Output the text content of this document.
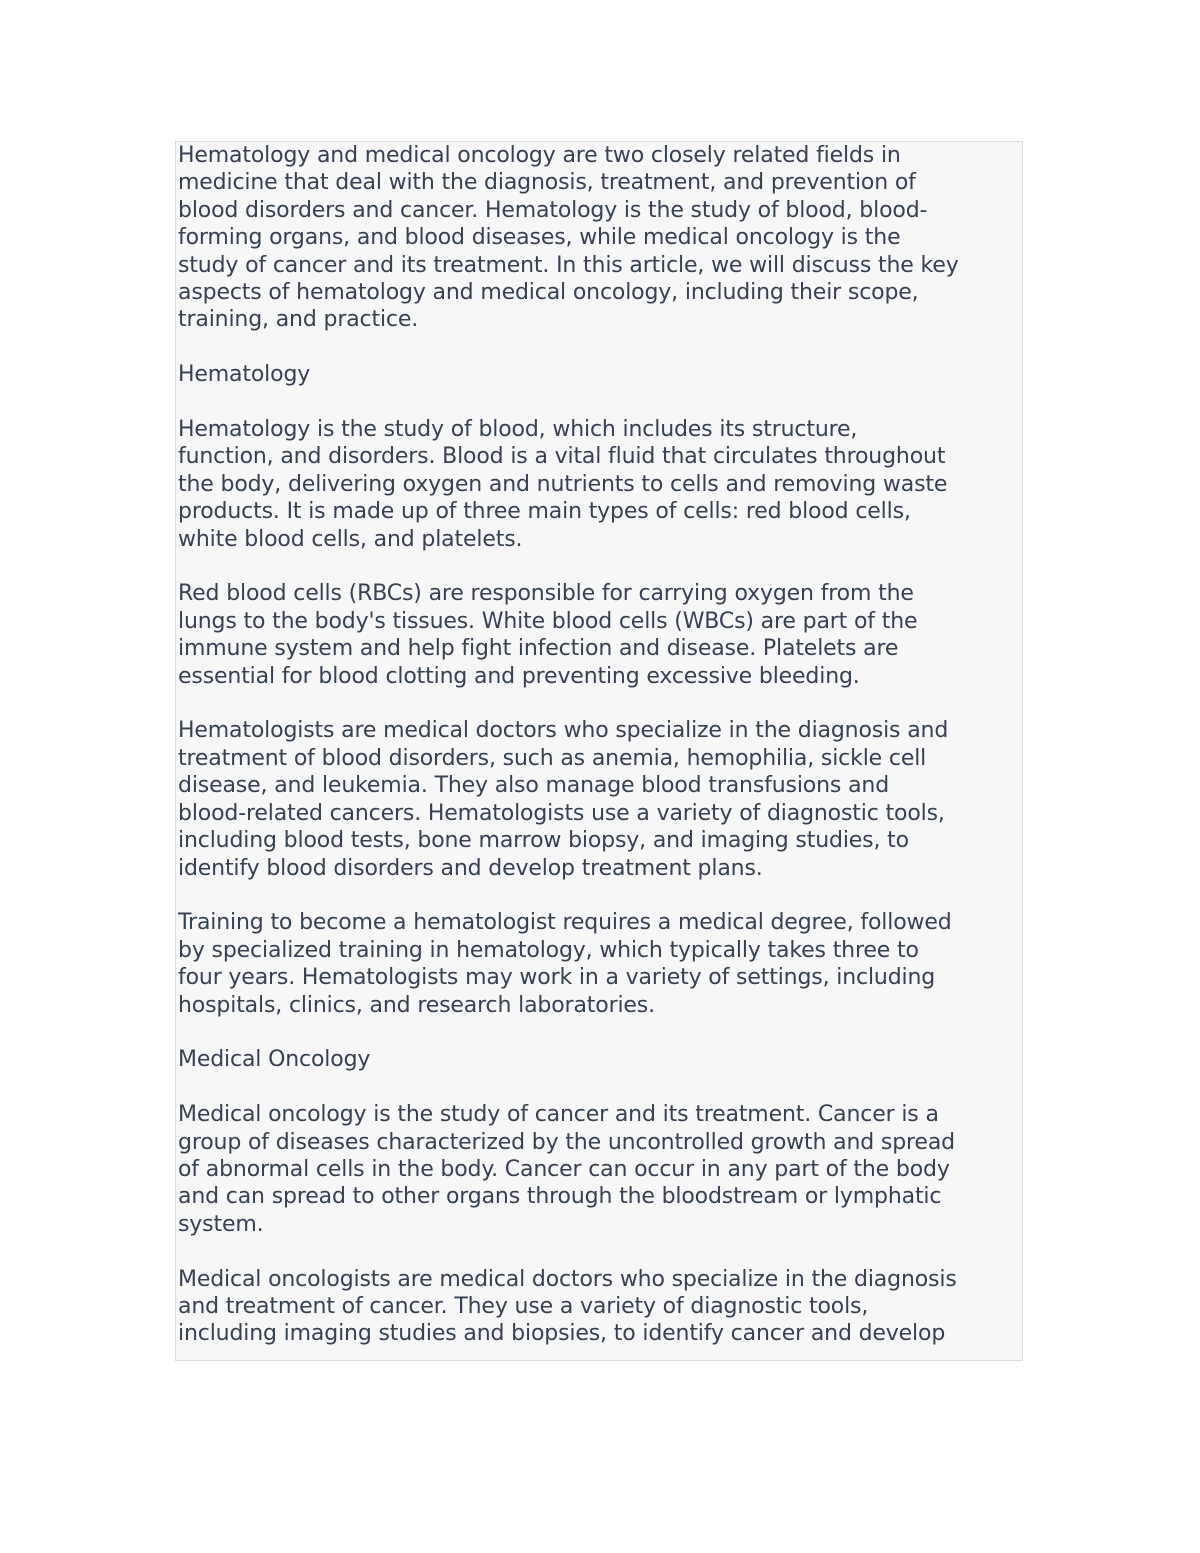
Hematology and medical oncology are two closely related fields in
medicine that deal with the diagnosis, treatment, and prevention of
blood disorders and cancer. Hematology is the study of blood, blood-
forming organs, and blood diseases, while medical oncology is the
study of cancer and its treatment. In this article, we will discuss the key
aspects of hematology and medical oncology, including their scope,
training, and practice.

Hematology

Hematology is the study of blood, which includes its structure,
function, and disorders. Blood is a vital fluid that circulates throughout
the body, delivering oxygen and nutrients to cells and removing waste
products. It is made up of three main types of cells: red blood cells,
white blood cells, and platelets.

Red blood cells (RBCs) are responsible for carrying oxygen from the
lungs to the body's tissues. White blood cells (WBCs) are part of the
immune system and help fight infection and disease. Platelets are
essential for blood clotting and preventing excessive bleeding.

Hematologists are medical doctors who specialize in the diagnosis and
treatment of blood disorders, such as anemia, hemophilia, sickle cell
disease, and leukemia. They also manage blood transfusions and
blood-related cancers. Hematologists use a variety of diagnostic tools,
including blood tests, bone marrow biopsy, and imaging studies, to
identify blood disorders and develop treatment plans.

Training to become a hematologist requires a medical degree, followed
by specialized training in hematology, which typically takes three to
four years. Hematologists may work in a variety of settings, including
hospitals, clinics, and research laboratories.

Medical Oncology

Medical oncology is the study of cancer and its treatment. Cancer is a
group of diseases characterized by the uncontrolled growth and spread
of abnormal cells in the body. Cancer can occur in any part of the body
and can spread to other organs through the bloodstream or lymphatic
system.

Medical oncologists are medical doctors who specialize in the diagnosis
and treatment of cancer. They use a variety of diagnostic tools,
including imaging studies and biopsies, to identify cancer and develop
